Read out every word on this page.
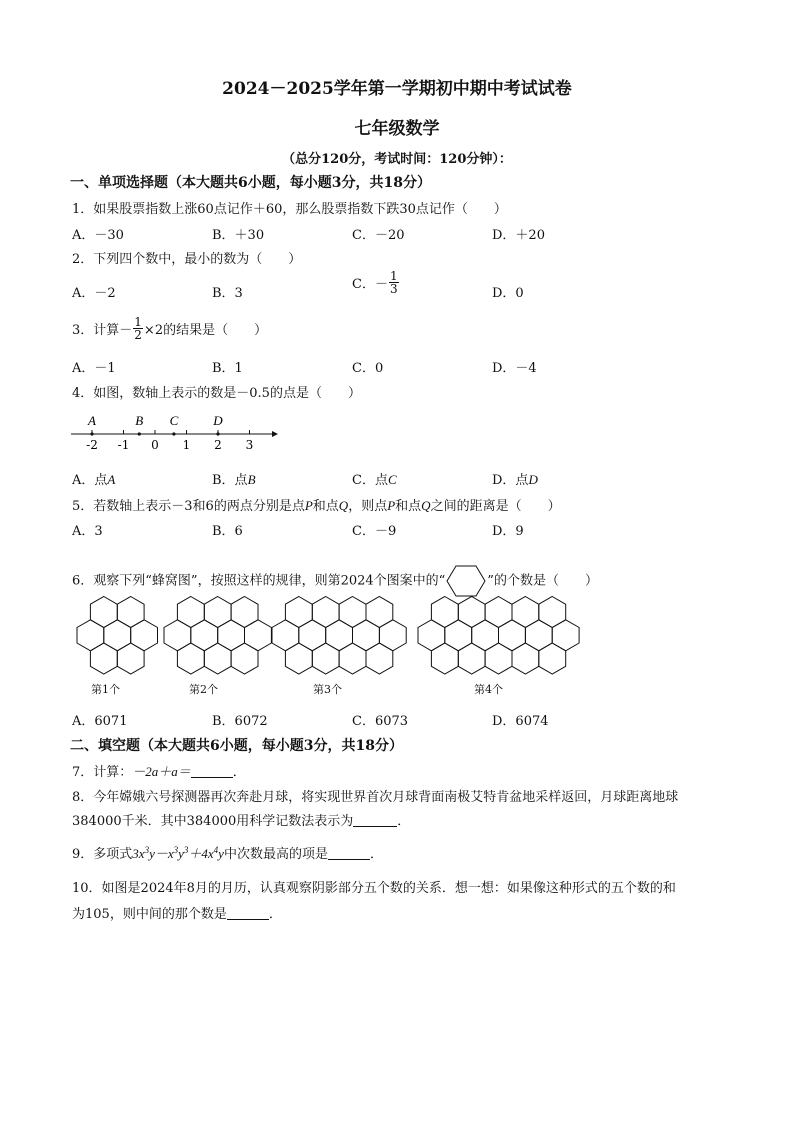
2024－2025学年第一学期初中期中考试试卷
七年级数学
（总分120分，考试时间：120分钟）：
一、单项选择题（本大题共6小题，每小题3分，共18分）
1．如果股票指数上涨60点记作＋60，那么股票指数下跌30点记作（　　）
A．－30	B．＋30	C．－20	D．＋20
2．下列四个数中，最小的数为（　　）
A．－2	B．3
C．－ $\frac{1}{3}$	D．0
3．计算－ $\frac{1}{2} \times 2$的结果是（　　）
A．－1	B．1	C．0	D．－4
4．如图，数轴上表示的数是－0.5的点是（　　）
-2 -1 0 1 2 3
A	B C	D
A．点A	B．点B	C．点C	D．点D
5．若数轴上表示－3和6的两点分别是点P和点Q，则点P和点Q之间的距离是（　　）
A．3	B．6	C．－9	D．9
6．观察下列“蜂窝图”，按照这样的规律，则第2024个图案中的“	”的个数是（　　）
第1个	第2个	第3个	第4个
A．6071	B．6072	C．6073	D．6074
二、填空题（本大题共6小题，每小题3分，共18分）
7．计算：－2a＋a＝	．
8．今年嫦娥六号探测器再次奔赴月球，将实现世界首次月球背面南极艾特肯盆地采样返回，月球距离地球
384000千米．其中384000用科学记数法表示为	．
9．多项式$3x^3y-x^3y^3+4x^4y$中次数最高的项是	．
10．如图是2024年8月的月历，认真观察阴影部分五个数的关系．想一想：如果像这种形式的五个数的和
为105，则中间的那个数是	．
